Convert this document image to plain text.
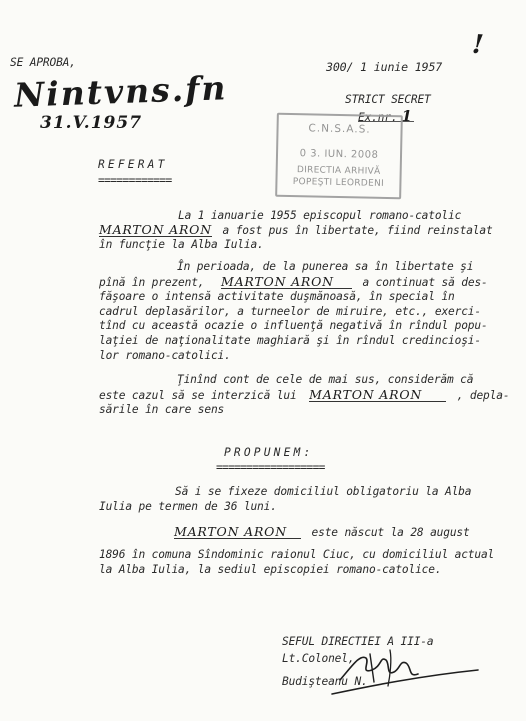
!
SE APROBA,
Nintvns.fn
31.V.1957
300/ 1 iunie 1957
STRICT SECRET
Ex.nr. 1
C.N.S.A.S.
0 3. IUN. 2008
DIRECTIA ARHIVĂ
POPEŞTI LEORDENI
REFERAT
============
La 1 ianuarie 1955 episcopul romano-catolic
MARTON ARON a fost pus în libertate, fiind reinstalat
în funcţie la Alba Iulia.
În perioada, de la punerea sa în libertate şi
pînă în prezent, MARTON ARON	a continuat să des-
făşoare o intensă activitate duşmănoasă, în special în
cadrul deplasărilor, a turneelor de miruire, etc., exerci-
tînd cu această ocazie o influenţă negativă în rîndul popu-
laţiei de naţionalitate maghiară şi în rîndul credincioşi-
lor romano-catolici.
Ţinînd cont de cele de mai sus, considerăm că
este cazul să se interzică lui MARTON ARON	, depla-
sările în care sens
PROPUNEM:
==================
Să i se fixeze domiciliul obligatoriu la Alba
Iulia pe termen de 36 luni.
MARTON ARON este născut la 28 august
1896 în comuna Sîndominic raionul Ciuc, cu domiciliul actual
la Alba Iulia, la sediul episcopiei romano-catolice.
SEFUL DIRECTIEI A III-a
Lt.Colonel,
Budişteanu N.
